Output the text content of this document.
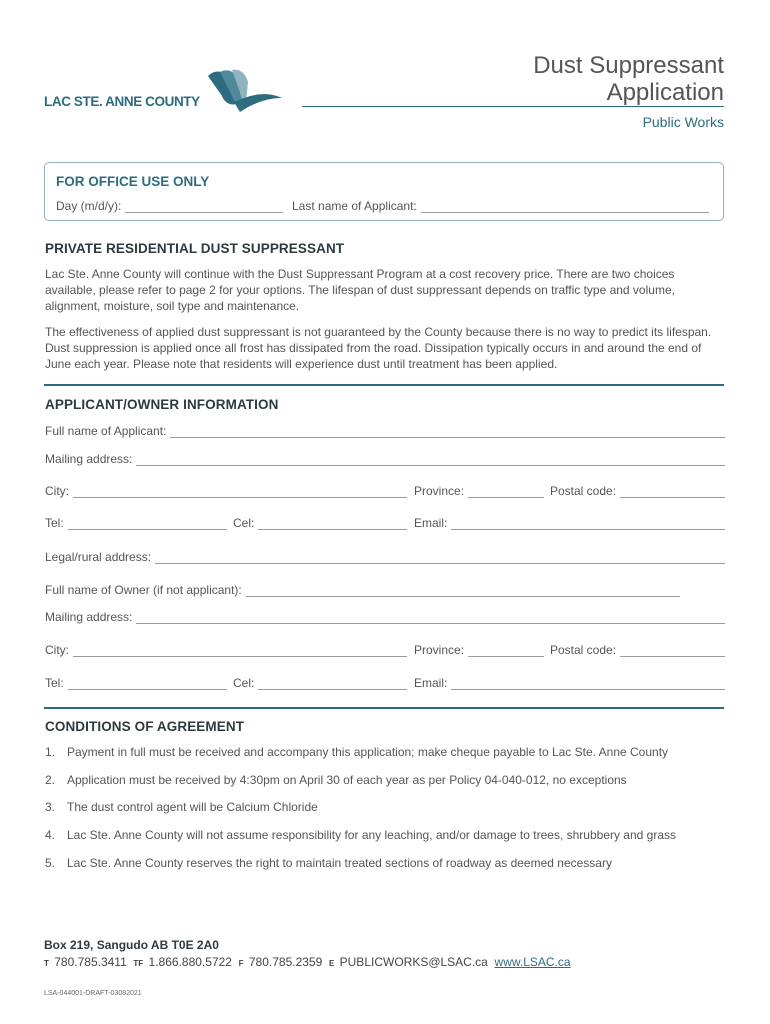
LAC STE. ANNE COUNTY
Dust Suppressant
Application
Public Works
FOR OFFICE USE ONLY
Day (m/d/y):	Last name of Applicant:
PRIVATE RESIDENTIAL DUST SUPPRESSANT
Lac Ste. Anne County will continue with the Dust Suppressant Program at a cost recovery price. There are two choices available, please refer to page 2 for your options. The lifespan of dust suppressant depends on traffic type and volume, alignment, moisture, soil type and maintenance.
The effectiveness of applied dust suppressant is not guaranteed by the County because there is no way to predict its lifespan. Dust suppression is applied once all frost has dissipated from the road. Dissipation typically occurs in and around the end of June each year. Please note that residents will experience dust until treatment has been applied.
APPLICANT/OWNER INFORMATION
Full name of Applicant:
Mailing address:
City:	Province:	Postal code:
Tel:	Cel:	Email:
Legal/rural address:
Full name of Owner (if not applicant):
Mailing address:
City:	Province:	Postal code:
Tel:	Cel:	Email:
CONDITIONS OF AGREEMENT
1. Payment in full must be received and accompany this application; make cheque payable to Lac Ste. Anne County
2. Application must be received by 4:30pm on April 30 of each year as per Policy 04-040-012, no exceptions
3. The dust control agent will be Calcium Chloride
4. Lac Ste. Anne County will not assume responsibility for any leaching, and/or damage to trees, shrubbery and grass
5. Lac Ste. Anne County reserves the right to maintain treated sections of roadway as deemed necessary
Box 219, Sangudo AB T0E 2A0
T 780.785.3411 TF 1.866.880.5722 F 780.785.2359 E PUBLICWORKS@LSAC.ca www.LSAC.ca
LSA-044001-DRAFT-03082021
